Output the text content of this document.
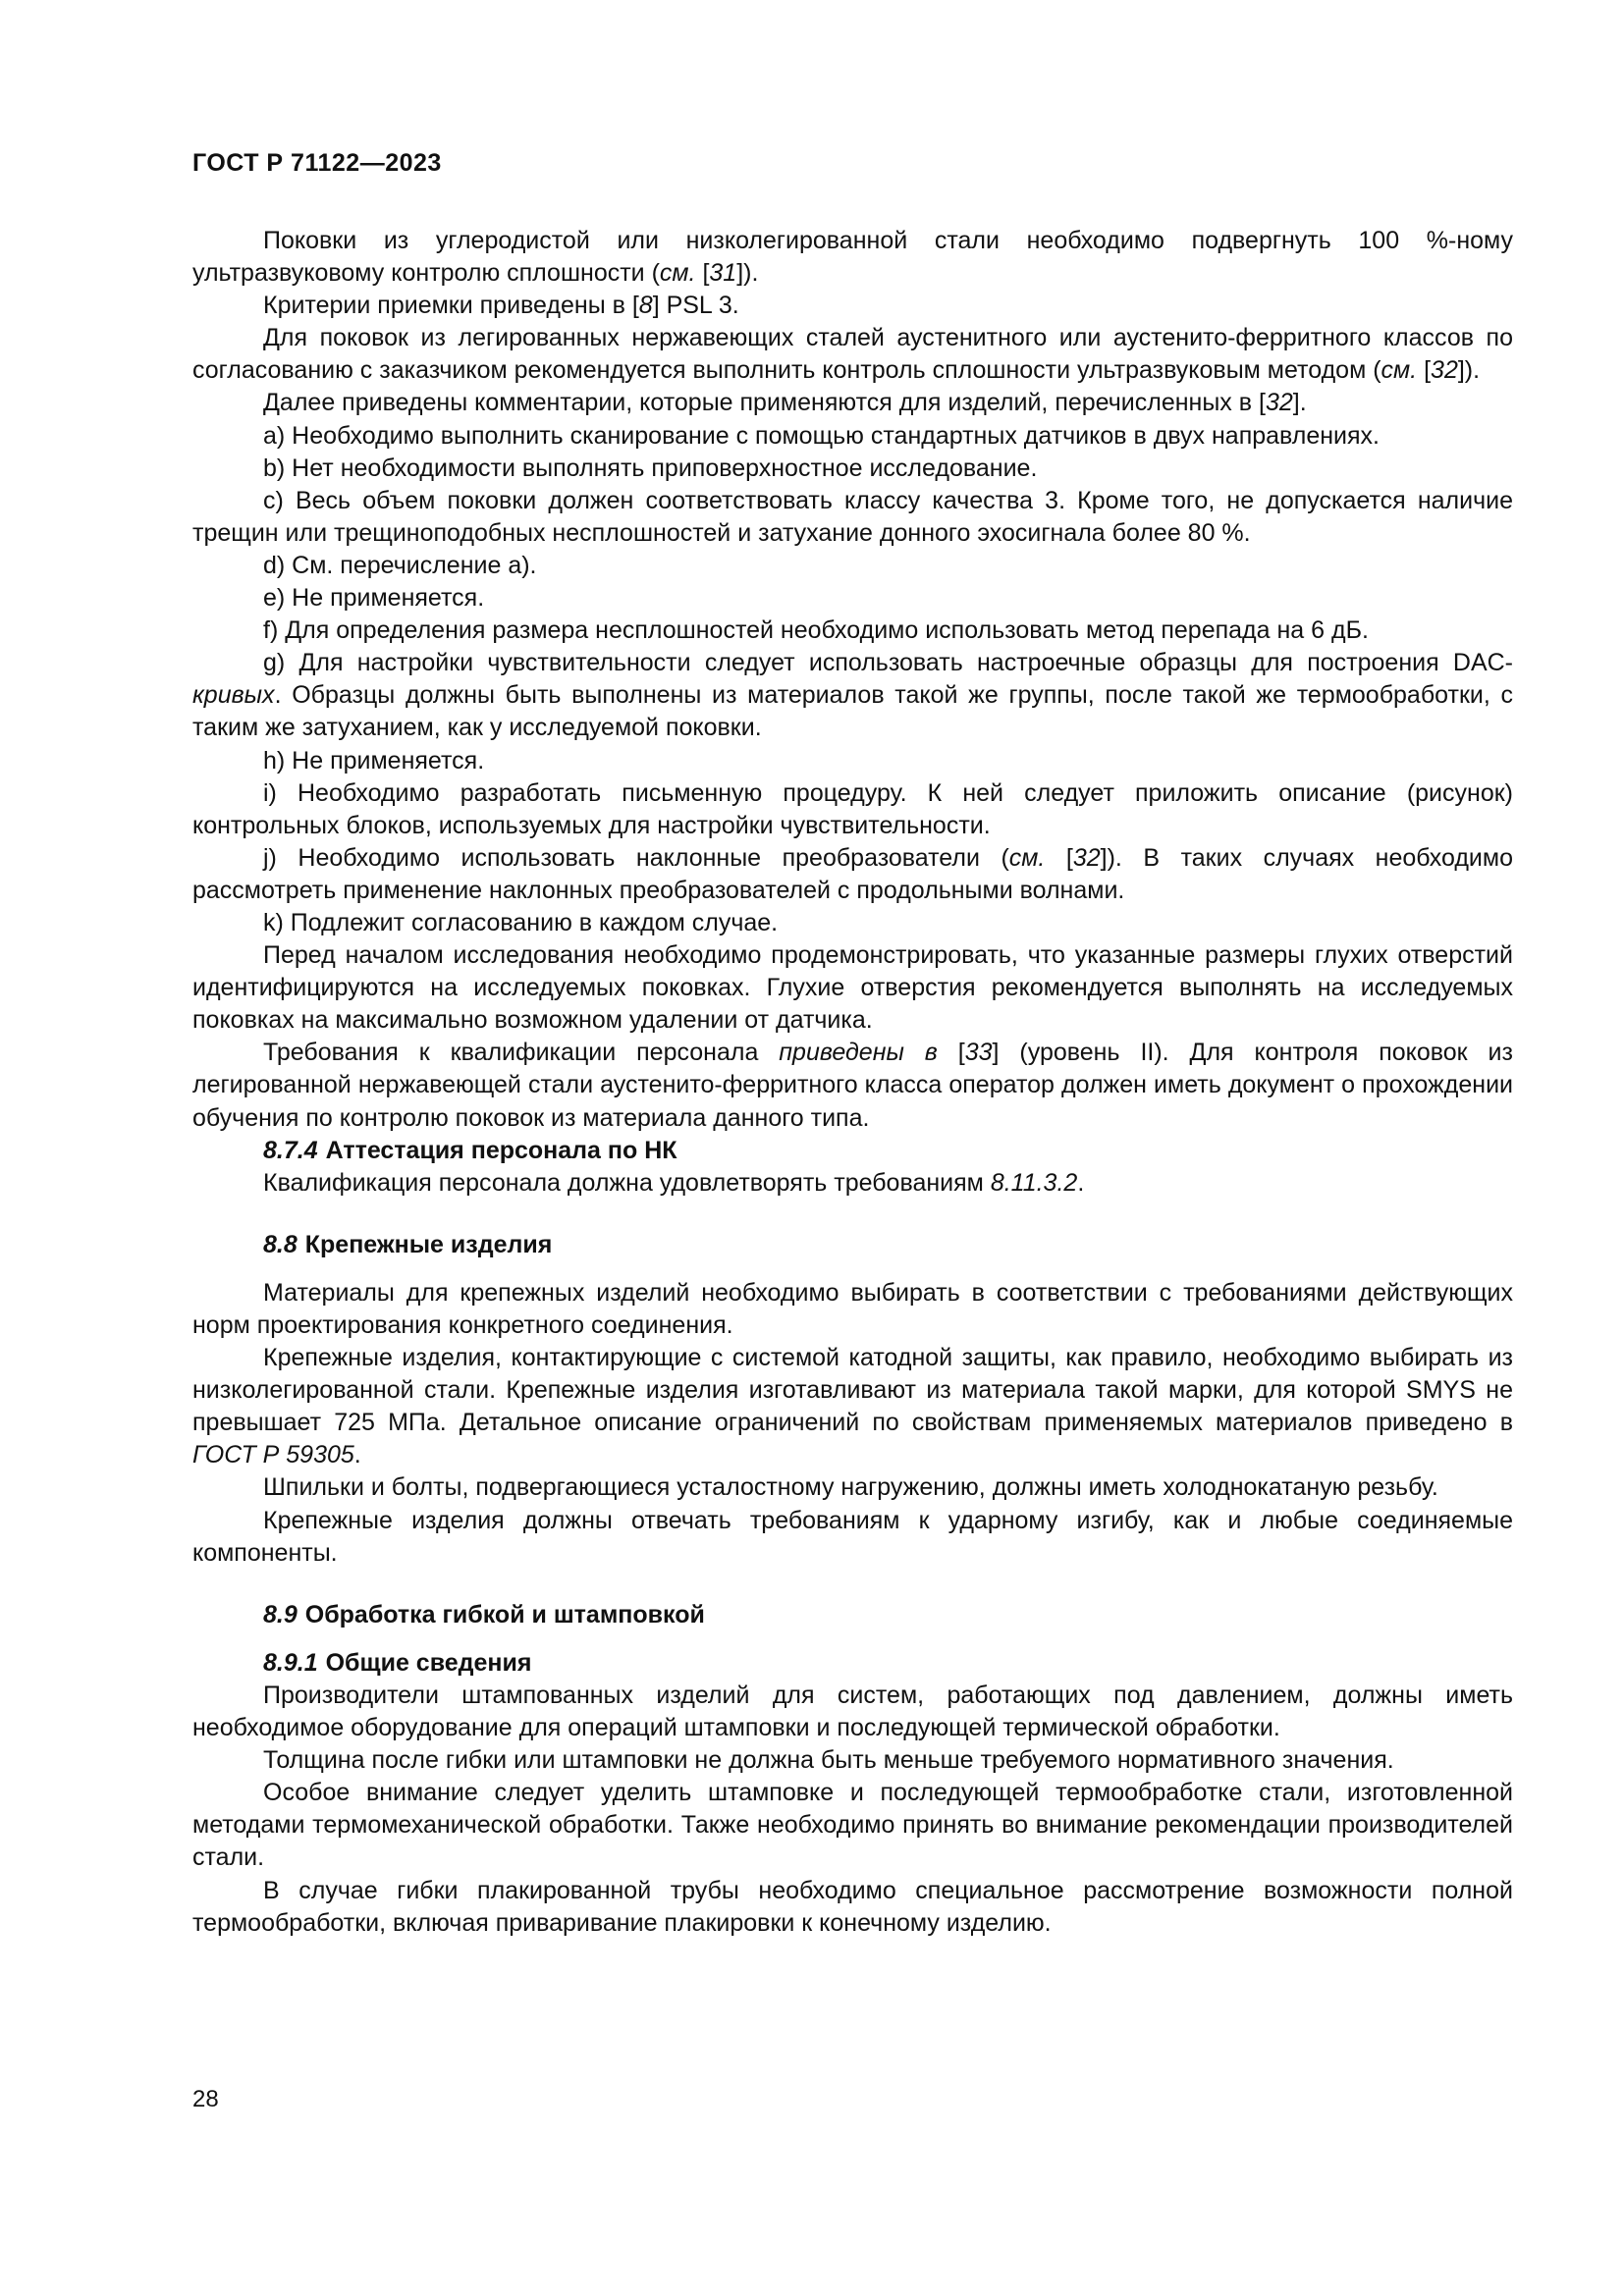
ГОСТ Р 71122—2023

Поковки из углеродистой или низколегированной стали необходимо подвергнуть 100 %-ному ультразвуковому контролю сплошности (см. [31]).

Критерии приемки приведены в [8] PSL 3.

Для поковок из легированных нержавеющих сталей аустенитного или аустенито-ферритного классов по согласованию с заказчиком рекомендуется выполнить контроль сплошности ультразвуковым методом (см. [32]).

Далее приведены комментарии, которые применяются для изделий, перечисленных в [32].

a) Необходимо выполнить сканирование с помощью стандартных датчиков в двух направлениях.

b) Нет необходимости выполнять приповерхностное исследование.

c) Весь объем поковки должен соответствовать классу качества 3. Кроме того, не допускается наличие трещин или трещиноподобных несплошностей и затухание донного эхосигнала более 80 %.

d) См. перечисление a).

e) Не применяется.

f) Для определения размера несплошностей необходимо использовать метод перепада на 6 дБ.

g) Для настройки чувствительности следует использовать настроечные образцы для построения DAC-кривых. Образцы должны быть выполнены из материалов такой же группы, после такой же термообработки, с таким же затуханием, как у исследуемой поковки.

h) Не применяется.

i) Необходимо разработать письменную процедуру. К ней следует приложить описание (рисунок) контрольных блоков, используемых для настройки чувствительности.

j) Необходимо использовать наклонные преобразователи (см. [32]). В таких случаях необходимо рассмотреть применение наклонных преобразователей с продольными волнами.

k) Подлежит согласованию в каждом случае.

Перед началом исследования необходимо продемонстрировать, что указанные размеры глухих отверстий идентифицируются на исследуемых поковках. Глухие отверстия рекомендуется выполнять на исследуемых поковках на максимально возможном удалении от датчика.

Требования к квалификации персонала приведены в [33] (уровень II). Для контроля поковок из легированной нержавеющей стали аустенито-ферритного класса оператор должен иметь документ о прохождении обучения по контролю поковок из материала данного типа.

8.7.4 Аттестация персонала по НК

Квалификация персонала должна удовлетворять требованиям 8.11.3.2.

8.8 Крепежные изделия

Материалы для крепежных изделий необходимо выбирать в соответствии с требованиями действующих норм проектирования конкретного соединения.

Крепежные изделия, контактирующие с системой катодной защиты, как правило, необходимо выбирать из низколегированной стали. Крепежные изделия изготавливают из материала такой марки, для которой SMYS не превышает 725 МПа. Детальное описание ограничений по свойствам применяемых материалов приведено в ГОСТ Р 59305.

Шпильки и болты, подвергающиеся усталостному нагружению, должны иметь холоднокатаную резьбу.

Крепежные изделия должны отвечать требованиям к ударному изгибу, как и любые соединяемые компоненты.

8.9 Обработка гибкой и штамповкой

8.9.1 Общие сведения

Производители штампованных изделий для систем, работающих под давлением, должны иметь необходимое оборудование для операций штамповки и последующей термической обработки.

Толщина после гибки или штамповки не должна быть меньше требуемого нормативного значения.

Особое внимание следует уделить штамповке и последующей термообработке стали, изготовленной методами термомеханической обработки. Также необходимо принять во внимание рекомендации производителей стали.

В случае гибки плакированной трубы необходимо специальное рассмотрение возможности полной термообработки, включая приваривание плакировки к конечному изделию.

28
